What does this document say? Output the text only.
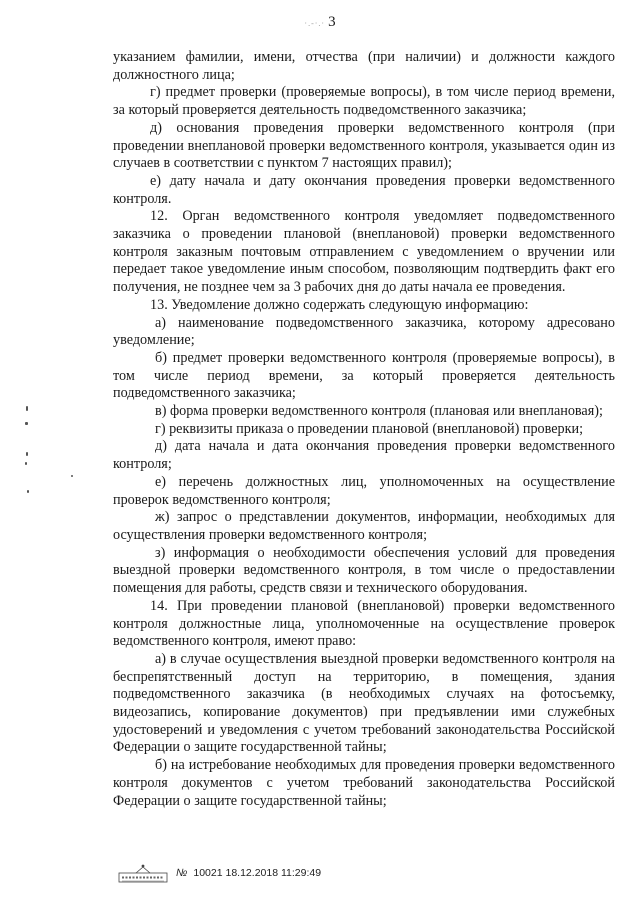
·.-·.· 3

указанием фамилии, имени, отчества (при наличии) и должности каждого должностного лица;

г) предмет проверки (проверяемые вопросы), в том числе период времени, за который проверяется деятельность подведомственного заказчика;

д) основания проведения проверки ведомственного контроля (при проведении внеплановой проверки ведомственного контроля, указывается один из случаев в соответствии с пунктом 7 настоящих правил);

е) дату начала и дату окончания проведения проверки ведомственного контроля.

12. Орган ведомственного контроля уведомляет подведомственного заказчика о проведении плановой (внеплановой) проверки ведомственного контроля заказным почтовым отправлением с уведомлением о вручении или передает такое уведомление иным способом, позволяющим подтвердить факт его получения, не позднее чем за 3 рабочих дня до даты начала ее проведения.

13. Уведомление должно содержать следующую информацию:

а) наименование подведомственного заказчика, которому адресовано уведомление;

б) предмет проверки ведомственного контроля (проверяемые вопросы), в том числе период времени, за который проверяется деятельность подведомственного заказчика;

в) форма проверки ведомственного контроля (плановая или внеплановая);

г) реквизиты приказа о проведении плановой (внеплановой) проверки;

д) дата начала и дата окончания проведения проверки ведомственного контроля;

е) перечень должностных лиц, уполномоченных на осуществление проверок ведомственного контроля;

ж) запрос о представлении документов, информации, необходимых для осуществления проверки ведомственного контроля;

з) информация о необходимости обеспечения условий для проведения выездной проверки ведомственного контроля, в том числе о предоставлении помещения для работы, средств связи и технического оборудования.

14. При проведении плановой (внеплановой) проверки ведомственного контроля должностные лица, уполномоченные на осуществление проверок ведомственного контроля, имеют право:

а) в случае осуществления выездной проверки ведомственного контроля на беспрепятственный доступ на территорию, в помещения, здания подведомственного заказчика (в необходимых случаях на фотосъемку, видеозапись, копирование документов) при предъявлении ими служебных удостоверений и уведомления с учетом требований законодательства Российской Федерации о защите государственной тайны;

б) на истребование необходимых для проведения проверки ведомственного контроля документов с учетом требований законодательства Российской Федерации о защите государственной тайны;

№ 10021
18.12.2018 11:29:49
